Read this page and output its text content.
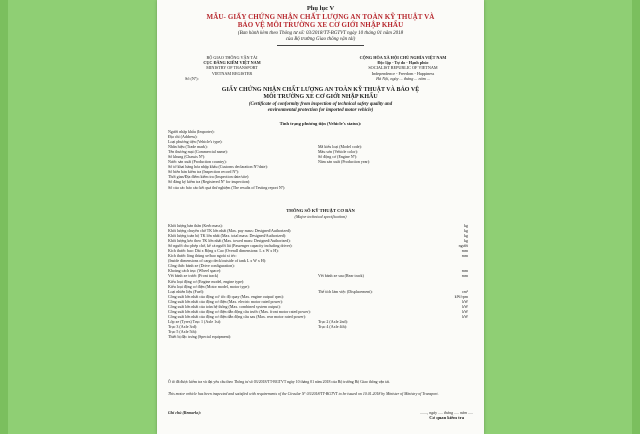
Phụ lục V
MẪU- GIẤY CHỨNG NHẬN CHẤT LƯỢNG AN TOÀN KỸ THUẬT VÀ
BẢO VỆ MÔI TRƯỜNG XE CƠ GIỚI NHẬP KHẨU
(Ban hành kèm theo Thông tư số: 03/2018/TT-BGTVT ngày 10 tháng 01 năm 2018
của Bộ trưởng Giao thông vận tải)
BỘ GIAO THÔNG VẬN TẢI
CỤC ĐĂNG KIỂM VIỆT NAM
MINISTRY OF TRANSPORT
VIETNAM REGISTER
Số (Nº):
CỘNG HÒA XÃ HỘI CHỦ NGHĨA VIỆT NAM
Độc lập - Tự do - Hạnh phúc
SOCIALIST REPUBLIC OF VIETNAM
Independence - Freedom - Happiness
Hà Nội, ngày ... tháng ... năm ...
GIẤY CHỨNG NHẬN CHẤT LƯỢNG AN TOÀN KỸ THUẬT VÀ BẢO VỆ
MÔI TRƯỜNG XE CƠ GIỚI NHẬP KHẨU
(Certificate of conformity from inspection of technical safety quality and
environmental protection for imported motor vehicle)
Tình trạng phương tiện (Vehicle's status):
Người nhập khẩu (Importer):
Địa chỉ (Address):
Loại phương tiện (Vehicle's type):
Nhãn hiệu (Trade mark):	Mã kiểu loại (Model code):
Tên thương mại (Commercial name):	Màu sơn (Vehicle color):
Số khung (Chassis Nº):	Số động cơ (Engine Nº):
Nước sản xuất (Production country):	Năm sản xuất (Production year):
Số tờ khai hàng hóa nhập khẩu (Customs declaration Nº/date):
Số biên bản kiểm tra (Inspection record Nº):
Thời gian/Địa điểm kiểm tra (Inspection date/site):
Số đăng ký kiểm tra (Registered Nº for inspection):
Số của các báo cáo kết quả thử nghiệm (The results of Testing report Nº):
THÔNG SỐ KỸ THUẬT CƠ BẢN
(Major technical specification)
Khối lượng bản thân (Kerb mass):	kg
Khối lượng chuyên chở TK lớn nhất (Max. pay mass: Designed/Authorized):	kg
Khối lượng toàn bộ TK lớn nhất (Max. total mass: Designed/Authorized):	kg
Khối lượng kéo theo TK lớn nhất (Max. towed mass: Designed/Authorized):	kg
Số người cho phép chở, kể cả người lái (Passenger capacity including driver):	người
Kích thước bao: Dài x Rộng x Cao (Overall dimensions: L x W x H):	mm
Kích thước lòng thùng xe/bao ngoài xi téc:	mm
(Inside dimensions of cargo deck/outside of tank L x W x H):
Công thức bánh xe (Drive configuration):
Khoảng cách trục (Wheel space):	mm
Vết bánh xe trước (Front track)	Vết bánh xe sau (Rear track)	mm
Kiểu loại động cơ (Engine model, engine type):
Kiểu loại động cơ điện (Motor model, motor type):
Loại nhiên liệu (Fuel):	Thể tích làm việc (Displacement):	cm³
Công suất lớn nhất của động cơ/ tốc độ quay (Max. engine output/ rpm):	kW/rpm
Công suất lớn nhất của động cơ điện (Max. electric motor rated power):	kW
Công suất lớn nhất của toàn hệ thống (Max. combined system output):	kW
Công suất lớn nhất của động cơ điện dẫn động cầu trước (Max. front motor rated power):	kW
Công suất lớn nhất của động cơ điện dẫn động cầu sau (Max. rear motor rated power):	kW
Lốp xe (Tyres) Trục 1 (Axle 1st):	Trục 2 (Axle 2nd):
Trục 3 (Axle 3rd):	Trục 4 (Axle 4th):
Trục 5 (Axle 5th):
Thiết bị đặc trưng (Special equipment):
Ô tô đã được kiểm tra và đạt yêu cầu theo Thông tư số 03/2018/TT-BGTVT ngày 10 tháng 01 năm 2018 của Bộ trưởng Bộ Giao thông vận tải.
This motor vehicle has been inspected and satisfied with requirements of the Circular Nº 03/2018/TT-BGTVT to be issued on 10.01.2018 by Minister of Ministry of Transport.
Ghi chú (Remarks):	......., ngày ..... tháng ..... năm .....
Cơ quan kiểm tra
